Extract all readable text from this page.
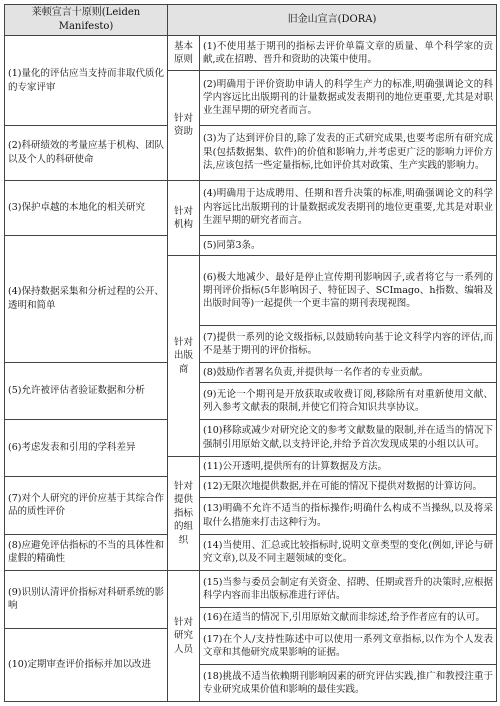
莱顿宣言十原则(Leiden Manifesto)	旧金山宣言(DORA)	
(1)量化的评估应当支持而非取代质化的专家评审	基本原则	(1)不使用基于期刊的指标去评价单篇文章的质量、单个科学家的贡献,或在招聘、晋升和资助的决策中使用。
	针对资助	(2)明确用于评价资助申请人的科学生产力的标准,明确强调论文的科学内容远比出版期刊的计量数据或发表期刊的地位更重要,尤其是对职业生涯早期的研究者而言。
(2)科研绩效的考量应基于机构、团队以及个人的科研使命		(3)为了达到评价目的,除了发表的正式研究成果,也要考虑所有研究成果(包括数据集、软件)的价值和影响力,并考虑更广泛的影响力评价方法,应该包括一些定量指标,比如评价其对政策、生产实践的影响力。
(3)保护卓越的本地化的相关研究	针对机构	(4)明确用于达成聘用、任期和晋升决策的标准,明确强调论文的科学内容远比出版期刊的计量数据或发表期刊的地位更重要,尤其是对职业生涯早期的研究者而言。
(4)保持数据采集和分析过程的公开、透明和简单		(5)同第3条。
	针对出版商	(6)极大地减少、最好是停止宣传期刊影响因子,或者将它与一系列的期刊评价指标(5年影响因子、特征因子、SCImago、h指数、编辑及出版时间等)一起提供一个更丰富的期刊表现视图。
		(7)提供一系列的论文级指标,以鼓励转向基于论文科学内容的评估,而不是基于期刊的评价指标。
(5)允许被评估者验证数据和分析		(8)鼓励作者署名负责,并提供每一名作者的专业贡献。
		(9)无论一个期刊是开放获取或收费订阅,移除所有对重新使用文献、列入参考文献表的限制,并使它们符合知识共享协议。
(6)考虑发表和引用的学科差异		(10)移除或减少对研究论文的参考文献数量的限制,并在适当的情况下强制引用原始文献,以支持评论,并给予首次发现成果的小组以认可。
	针对提供指标的组织	(11)公开透明,提供所有的计算数据及方法。
(7)对个人研究的评价应基于其综合作品的质性评价		(12)无限次地提供数据,并在可能的情况下提供对数据的计算访问。
		(13)明确不允许不适当的指标操作;明确什么构成不当操纵,以及将采取什么措施来打击这种行为。
(8)应避免评估指标的不当的具体性和虚假的精确性		(14)当使用、汇总或比较指标时,说明文章类型的变化(例如,评论与研究文章),以及不同主题领域的变化。
(9)识别认清评价指标对科研系统的影响	针对研究人员	(15)当参与委员会制定有关资金、招聘、任期或晋升的决策时,应根据科学内容而非出版标准进行评估。
		(16)在适当的情况下,引用原始文献而非综述,给予作者应有的认可。
(10)定期审查评价指标并加以改进		(17)在个人/支持性陈述中可以使用一系列文章指标,以作为个人发表文章和其他研究成果影响的证据。
		(18)挑战不适当依赖期刊影响因素的研究评估实践,推广和教授注重于专业研究成果价值和影响的最佳实践。
